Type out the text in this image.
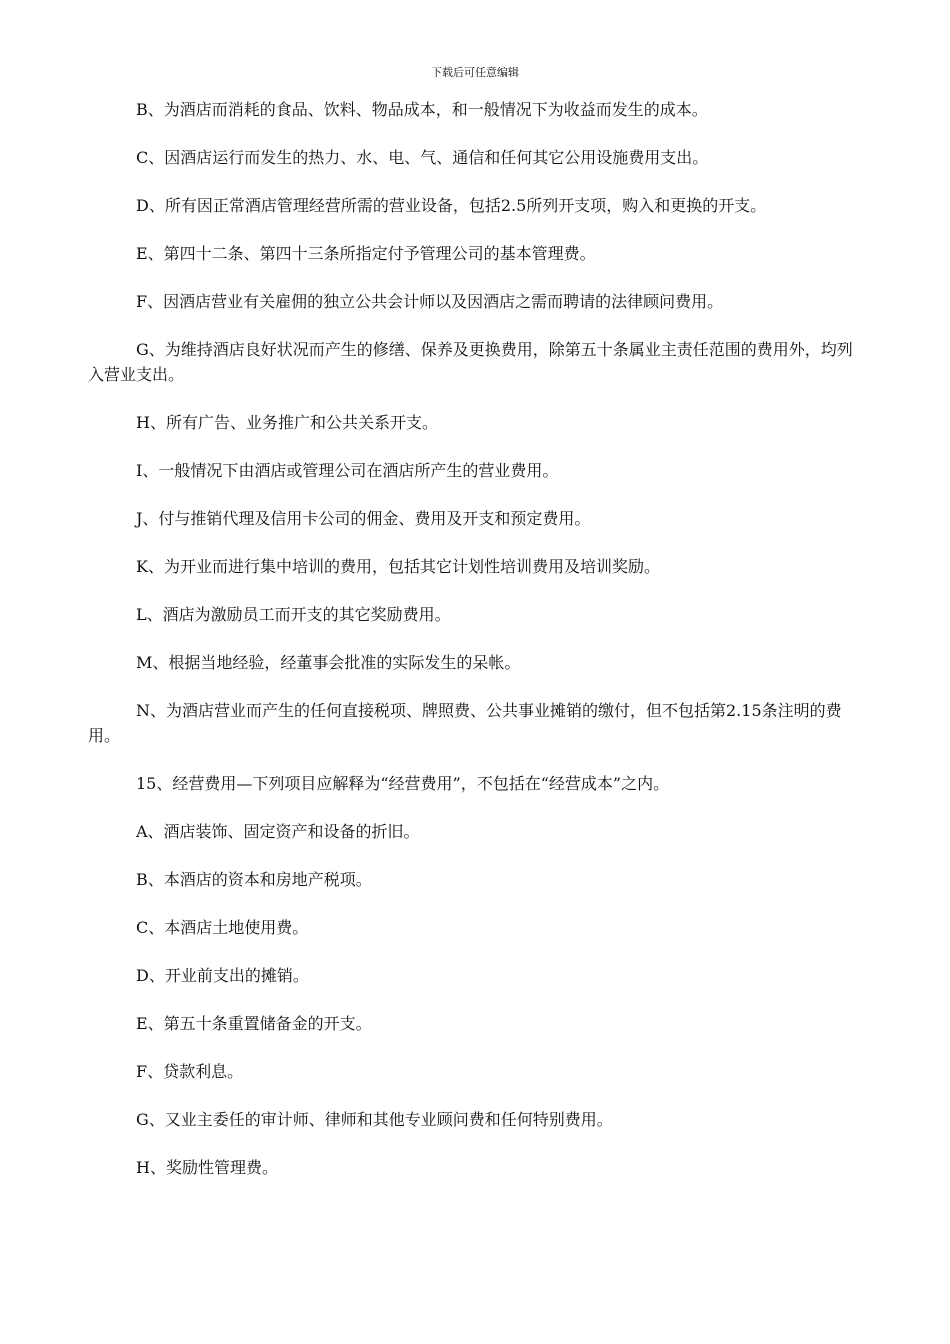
下载后可任意编辑

B、为酒店而消耗的食品、饮料、物品成本，和一般情况下为收益而发生的成本。

C、因酒店运行而发生的热力、水、电、气、通信和任何其它公用设施费用支出。

D、所有因正常酒店管理经营所需的营业设备，包括2.5所列开支项，购入和更换的开支。

E、第四十二条、第四十三条所指定付予管理公司的基本管理费。

F、因酒店营业有关雇佣的独立公共会计师以及因酒店之需而聘请的法律顾问费用。

G、为维持酒店良好状况而产生的修缮、保养及更换费用，除第五十条属业主责任范围的费用外，均列入营业支出。

H、所有广告、业务推广和公共关系开支。

I、一般情况下由酒店或管理公司在酒店所产生的营业费用。

J、付与推销代理及信用卡公司的佣金、费用及开支和预定费用。

K、为开业而进行集中培训的费用，包括其它计划性培训费用及培训奖励。

L、酒店为激励员工而开支的其它奖励费用。

M、根据当地经验，经董事会批准的实际发生的呆帐。

N、为酒店营业而产生的任何直接税项、牌照费、公共事业摊销的缴付，但不包括第2.15条注明的费用。

15、经营费用—下列项目应解释为“经营费用”，不包括在“经营成本”之内。

A、酒店装饰、固定资产和设备的折旧。

B、本酒店的资本和房地产税项。

C、本酒店土地使用费。

D、开业前支出的摊销。

E、第五十条重置储备金的开支。

F、贷款利息。

G、又业主委任的审计师、律师和其他专业顾问费和任何特别费用。

H、奖励性管理费。
